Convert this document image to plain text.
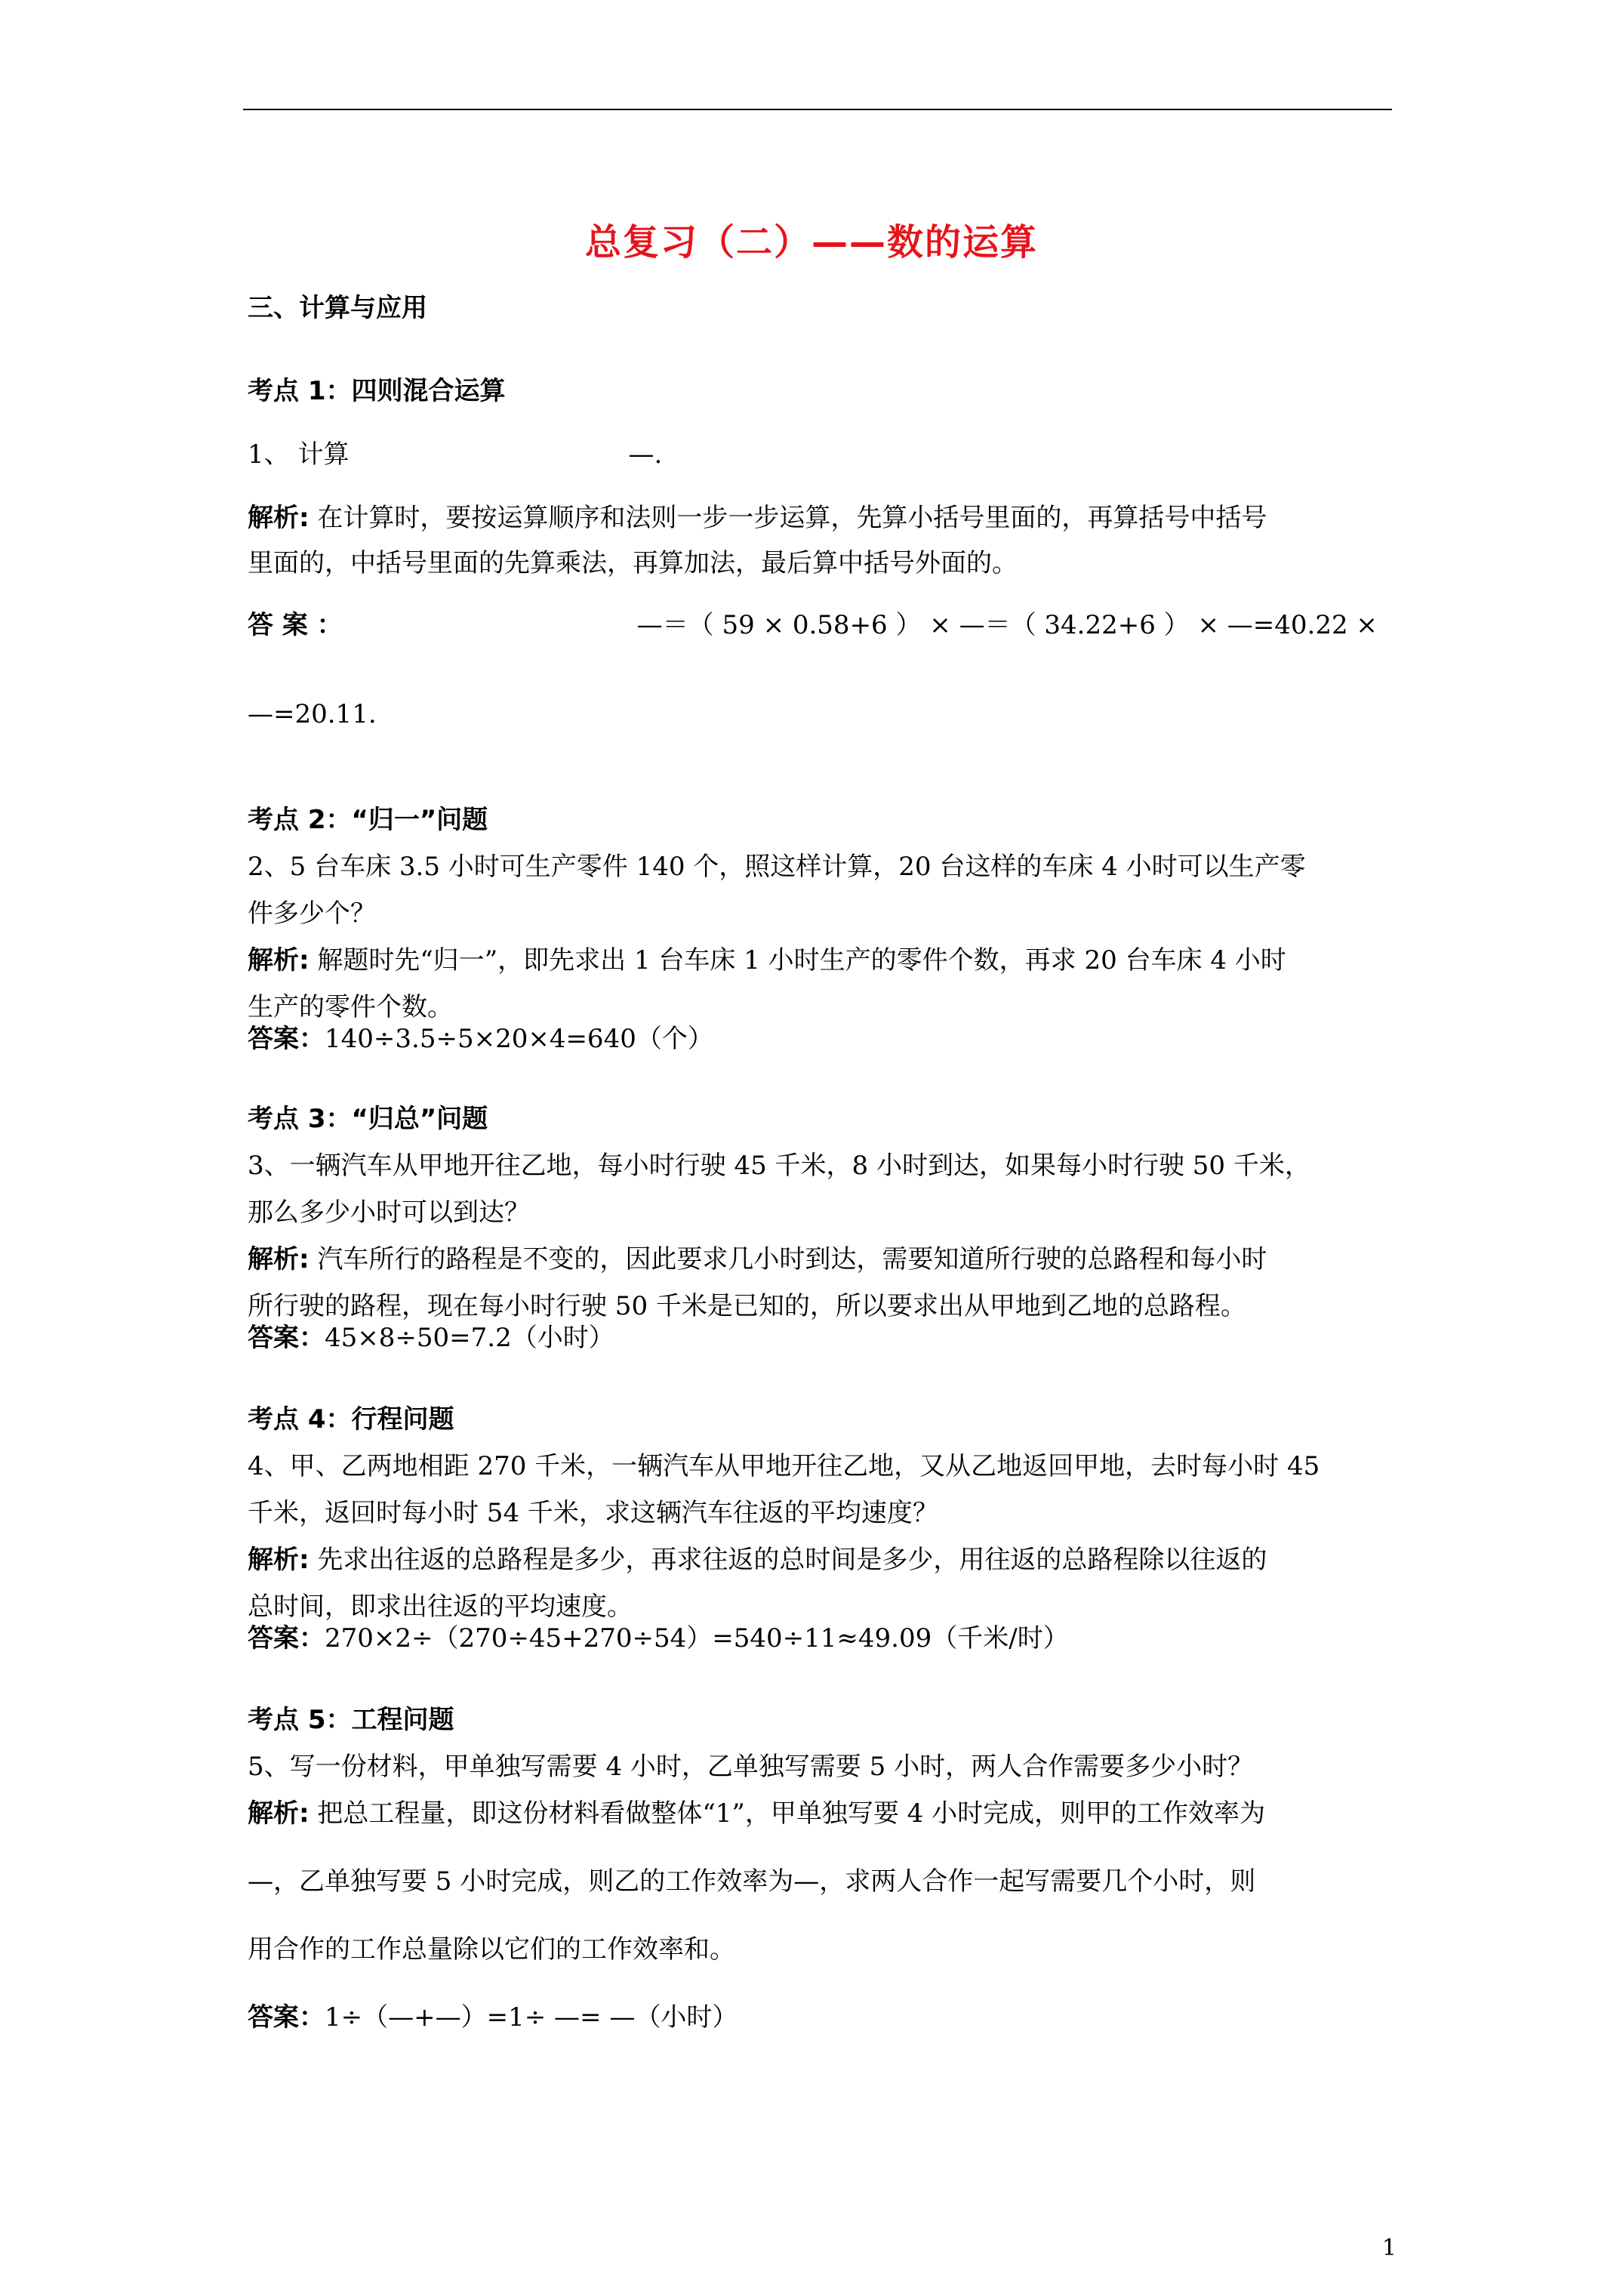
总复习（二）——数的运算
三、计算与应用
考点 1：四则混合运算
1、 计算	—.
解析: 在计算时，要按运算顺序和法则一步一步运算，先算小括号里面的，再算括号中括号
里面的，中括号里面的先算乘法，再算加法，最后算中括号外面的。
答 案 ：	—＝（ 59 × 0.58+6 ） × —＝（ 34.22+6 ） × —=40.22 ×
—=20.11.
考点 2：“归一”问题
2、5 台车床 3.5 小时可生产零件 140 个，照这样计算，20 台这样的车床 4 小时可以生产零
件多少个？
解析: 解题时先“归一”，即先求出 1 台车床 1 小时生产的零件个数，再求 20 台车床 4 小时
生产的零件个数。
答案：140÷3.5÷5×20×4=640（个）
考点 3：“归总”问题
3、一辆汽车从甲地开往乙地，每小时行驶 45 千米，8 小时到达，如果每小时行驶 50 千米，
那么多少小时可以到达？
解析: 汽车所行的路程是不变的，因此要求几小时到达，需要知道所行驶的总路程和每小时
所行驶的路程，现在每小时行驶 50 千米是已知的，所以要求出从甲地到乙地的总路程。
答案：45×8÷50=7.2（小时）
考点 4：行程问题
4、甲、乙两地相距 270 千米，一辆汽车从甲地开往乙地，又从乙地返回甲地，去时每小时 45
千米，返回时每小时 54 千米，求这辆汽车往返的平均速度？
解析: 先求出往返的总路程是多少，再求往返的总时间是多少，用往返的总路程除以往返的
总时间，即求出往返的平均速度。
答案：270×2÷（270÷45+270÷54）=540÷11≈49.09（千米/时）
考点 5：工程问题
5、写一份材料，甲单独写需要 4 小时，乙单独写需要 5 小时，两人合作需要多少小时？
解析: 把总工程量，即这份材料看做整体“1”，甲单独写要 4 小时完成，则甲的工作效率为
—，乙单独写要 5 小时完成，则乙的工作效率为—，求两人合作一起写需要几个小时，则
用合作的工作总量除以它们的工作效率和。
答案：1÷（—+—）=1÷ —= —（小时）
1
